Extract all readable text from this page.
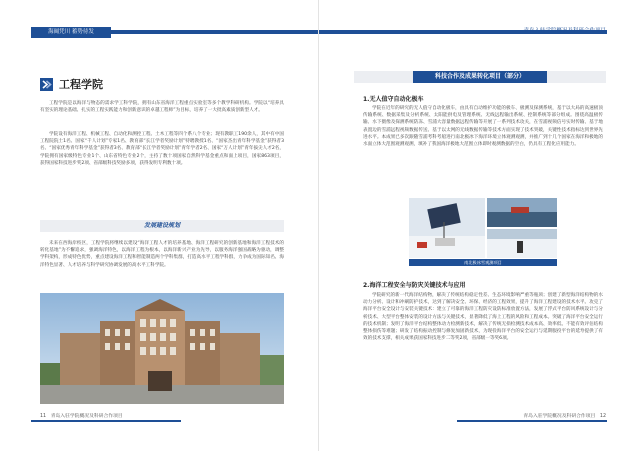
海阔凭川 蓄势待发
工程学院

工程学院是以海洋与物态的需求学工科学院，拥有山东省海洋工程重点实验室等多个教学科研机构。学院以“培养具有坚实的理论基础、扎实的工程实践能力和创新意识的卓越工程师”为目标，培养了一大批高素质创新型人才。

学院设有海洋工程、机械工程、自动化和测控工程、土木工程等四个系八个专业；现有教职工190余人，其中有中国工程院院士1名、国家“千人计划”专家1名、教育部“长江学者奖励计划”特聘教授1名、“国家杰出青年科学基金”获得者3名、“国家优秀青年科学基金”获得者3名、教育部“长江学者奖励计划”青年学者2名、国家“万人计划”青年拔尖人才2名，学院拥有国家级特色专业1个、山东省特色专业2个，主持了数十项国家自然科学基金重点和面上项目，国家863项目，获得国家科技进步奖2项、省部级科技奖励多项，获得发明专利数十项。

发展建设规划

未来在西海岸校区，工程学院将继续以建设“海洋工程人才的培养基地、海洋工程研究的创新基地和海洋工程技术的转化基地”为不懈追求，强调海洋特色，以海洋工程为根本，以海洋新兴产业为先导，以服务海洋强国战略为驱动，调整学科架构，形成特色优势，重点建设海洋工程和智能制造两个学科集群，打造高水平工程学科群，力争成为国际知名、海洋特色显著、人才培养与科学研究协调发展的高水平工科学院。

11 青岛入驻学院概况及科研合作项目
青岛入驻学院概况及科研合作项目
科技合作及成果转化项目（部分）
1.无人值守自动化极车

学院在近年的研究的无人值守自动化极车，由具有自动维护功能的极车、极测及探测系统，基于以大局的高速极顶传输系统、数据采集及分析系统、太阳能供电及管理系统、无线远程输出系统、控制系统等部分组成。围绕高温极传输、水下摄像及探测系统防冻、雪浦大容量数据远程传输等开展了一系列技术攻关，在雪浦视频信号实时传输、基于地表置边的雪浦远程视频数据传送、基于以太网的无线数据传输等技术方面实现了技术突破，关键性技术指标达到世界先进水平。本成果已多次跟随雪浦考科考船进行南北极冰下海洋环境立体观测观测，并推广到十几个国家在海洋和极地的水面立体大范围观测观测，填补了我国海洋极地大范围立体即时观测数据的空白，仍具有工程化应用能力。

南北极冰雪观测项目
2.海洋工程安全与防灾关键技术与应用

学院研究的新一代海洋结构物，解决了传统结构稳定性差、生态环境影响严重等瓶颈；创建了新型海洋结构物的水动力分析、设计和冲刷防护技术，达到了解决安全、环保、经济的工程效果，提升了海洋工程建设的技术水平。攻克了海洋平台安全设计与安装关键技术：建立了可靠的海洋工程防灾设防标准放置方法，发展了浮式平台防风系统设计与分析技术、大型平台整体安装的设计方法与关键技术，显著降低了海上工程的风险和工程成本。突破了海洋平台安全运行的技术机制；发明了海洋平台结构整体动力检测新技术，解决了传统无损检测技术成本高、效率低、不能有效评估结构整体损伤等难题；研发了结构振动控制与修复加固新技术，为现役海洋平台的安全运行与延期服役平台的延寿提供了有效的技术支撑，相关成果获国家科技进步二等奖2项，省部级一等奖6项。

青岛入驻学院概况及科研合作项目 12
